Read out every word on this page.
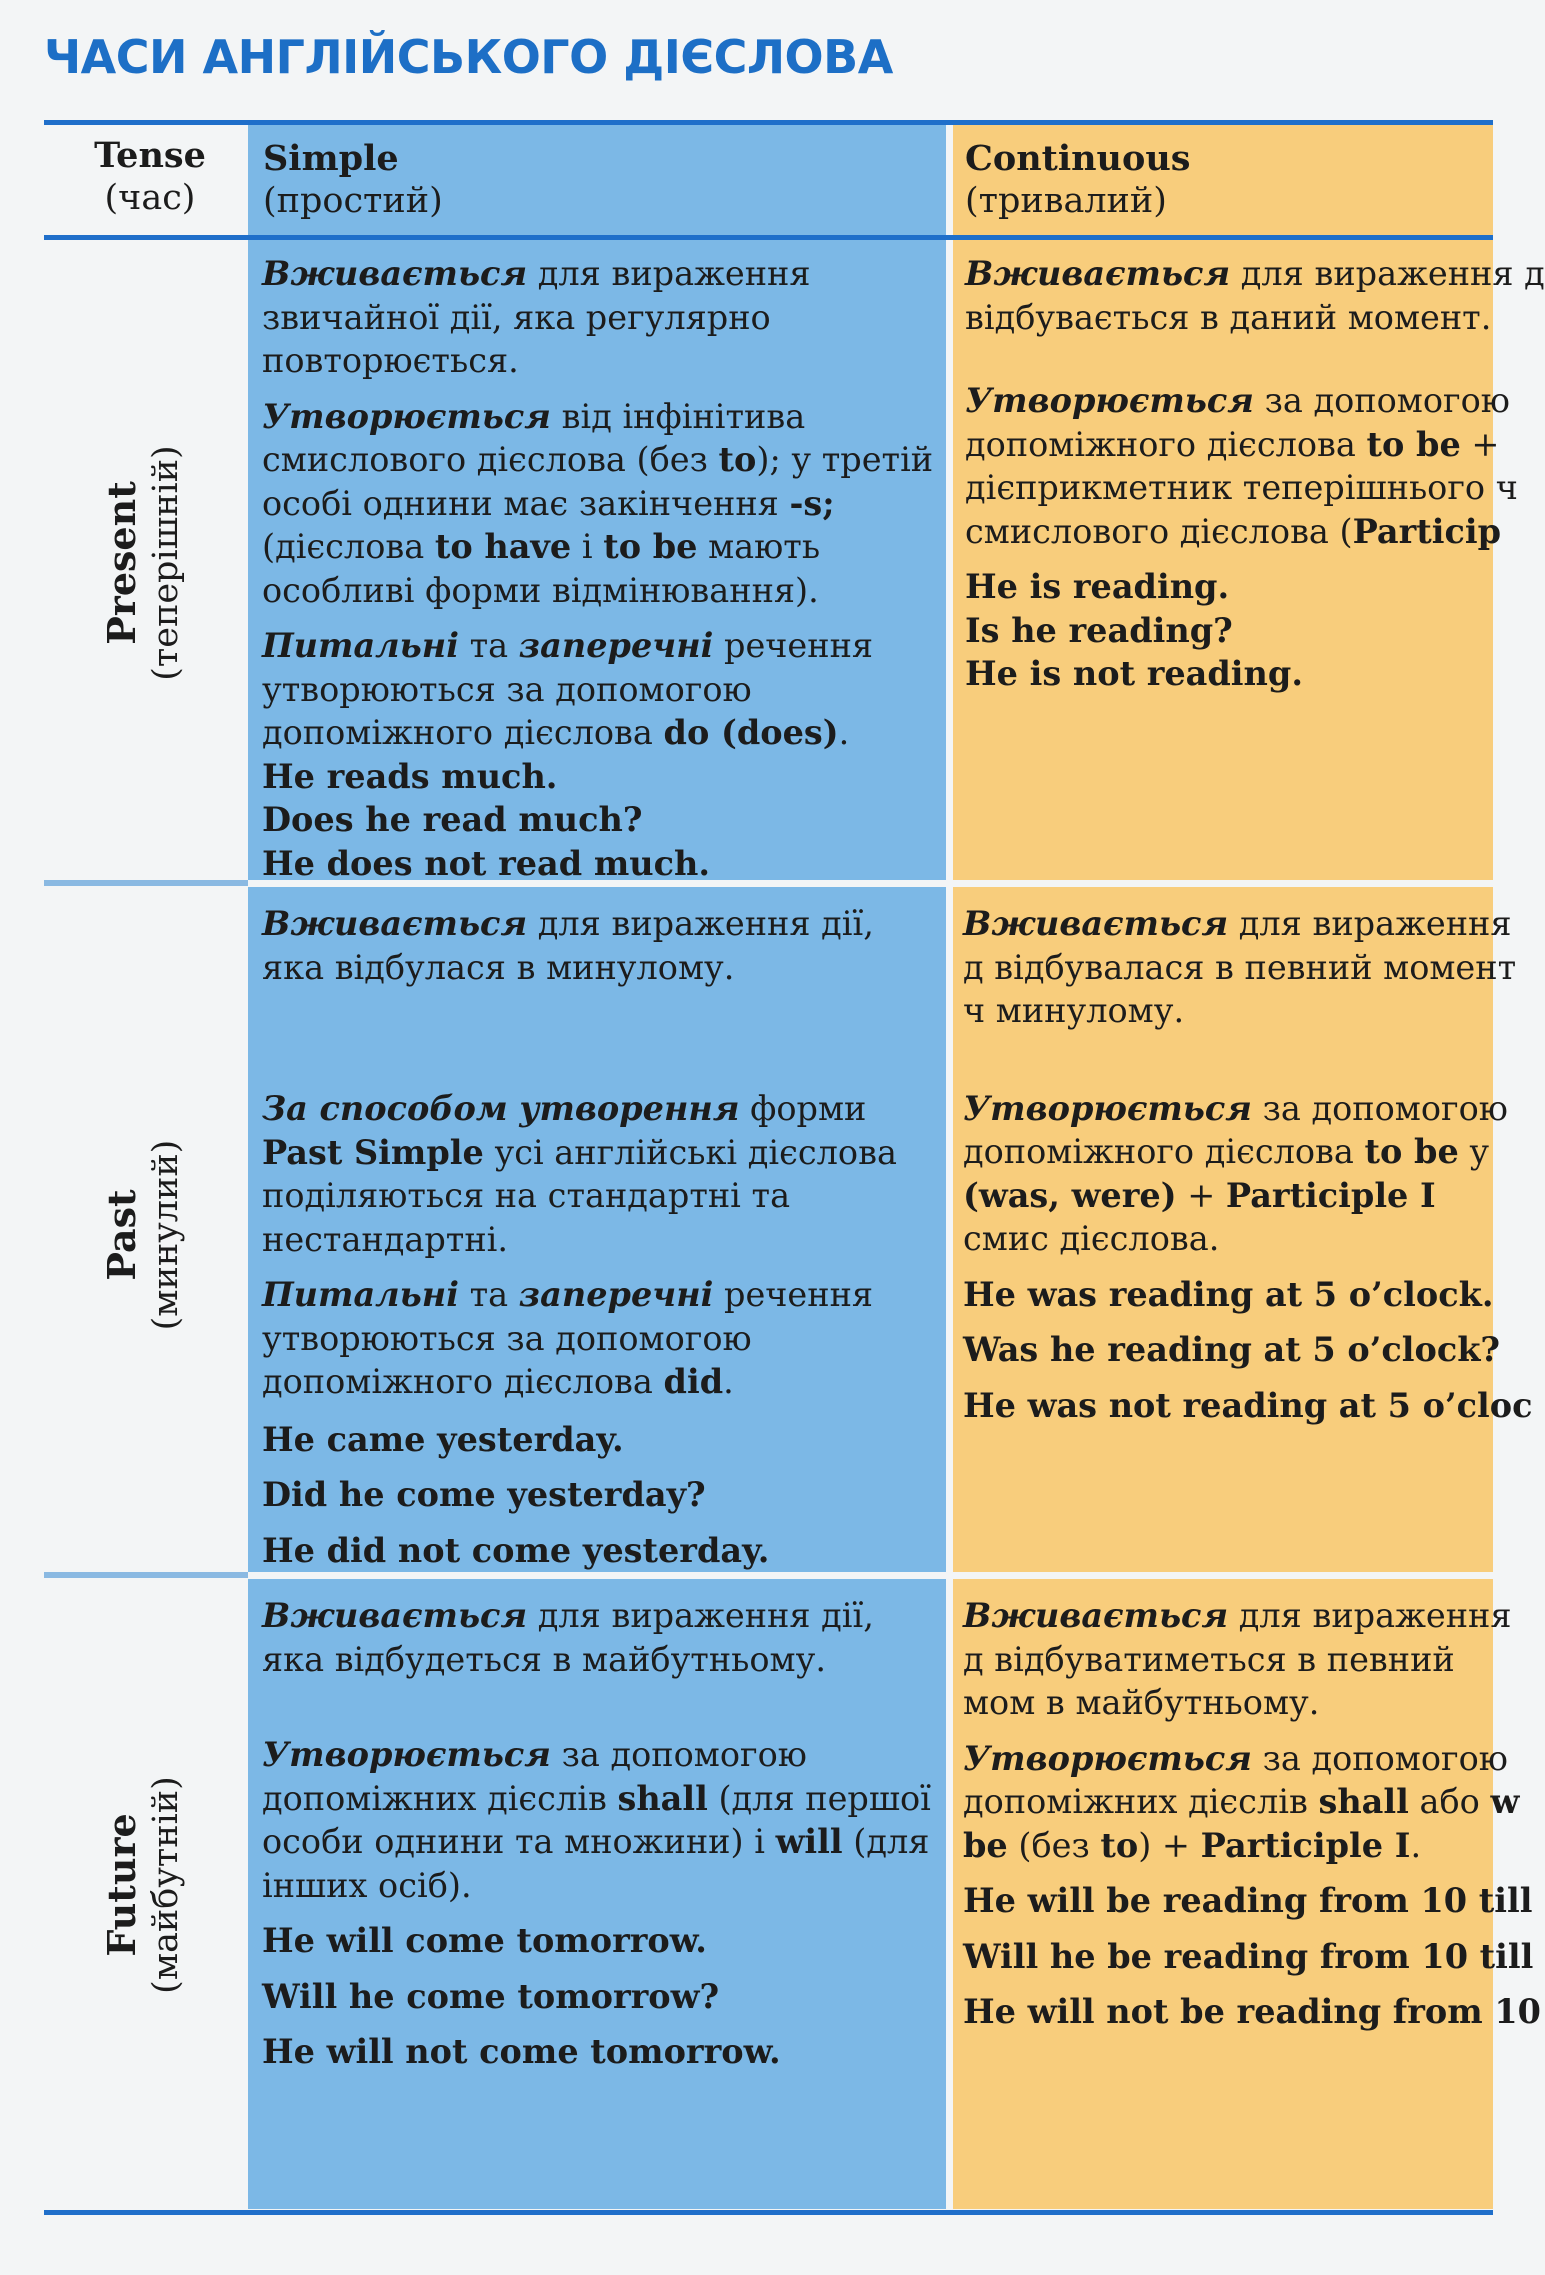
ЧАСИ АНГЛІЙСЬКОГО ДІЄСЛОВА
Tense
(час)
Simple
(простий)
Continuous
(тривалий)
Present (теперішній)
Past (минулий)
Future (майбутній)

Вживається для вираження звичайної дії, яка регулярно повторюється.

Утворюється від інфінітива смислового дієслова (без to); у третій особі однини має закінчення -s; (дієслова to have і to be мають особливі форми відмінювання).

Питальні та заперечні речення утворюються за допомогою допоміжного дієслова do (does).

He reads much.

Does he read much?

He does not read much.

Вживається для вираження д

відбувається в даний момент.

Утворюється за допомогою допоміжного дієслова to be + дієприкметник теперішнього ч смислового дієслова (Particip

He is reading.

Is he reading?

He is not reading.

Вживається для вираження дії, яка відбулася в минулому.

За способом утворення форми Past Simple усі англійські дієслова поділяються на стандартні та нестандартні.

Питальні та заперечні речення утворюються за допомогою допоміжного дієслова did.

He came yesterday.

Did he come yesterday?

He did not come yesterday.

Вживається для вираження д відбувалася в певний момент ч минулому.

Утворюється за допомогою допоміжного дієслова to be у (was, were) + Participle I смис дієслова.

He was reading at 5 o’clock.

Was he reading at 5 o’clock?

He was not reading at 5 o’cloc

Вживається для вираження дії, яка відбудеться в майбутньому.

Утворюється за допомогою допоміжних дієслів shall (для першої особи однини та множини) і will (для інших осіб).

He will come tomorrow.

Will he come tomorrow?

He will not come tomorrow.

Вживається для вираження д відбуватиметься в певний мом в майбутньому.

Утворюється за допомогою допоміжних дієслів shall або w be (без to) + Participle I.

He will be reading from 10 till

Will he be reading from 10 till

He will not be reading from 10
